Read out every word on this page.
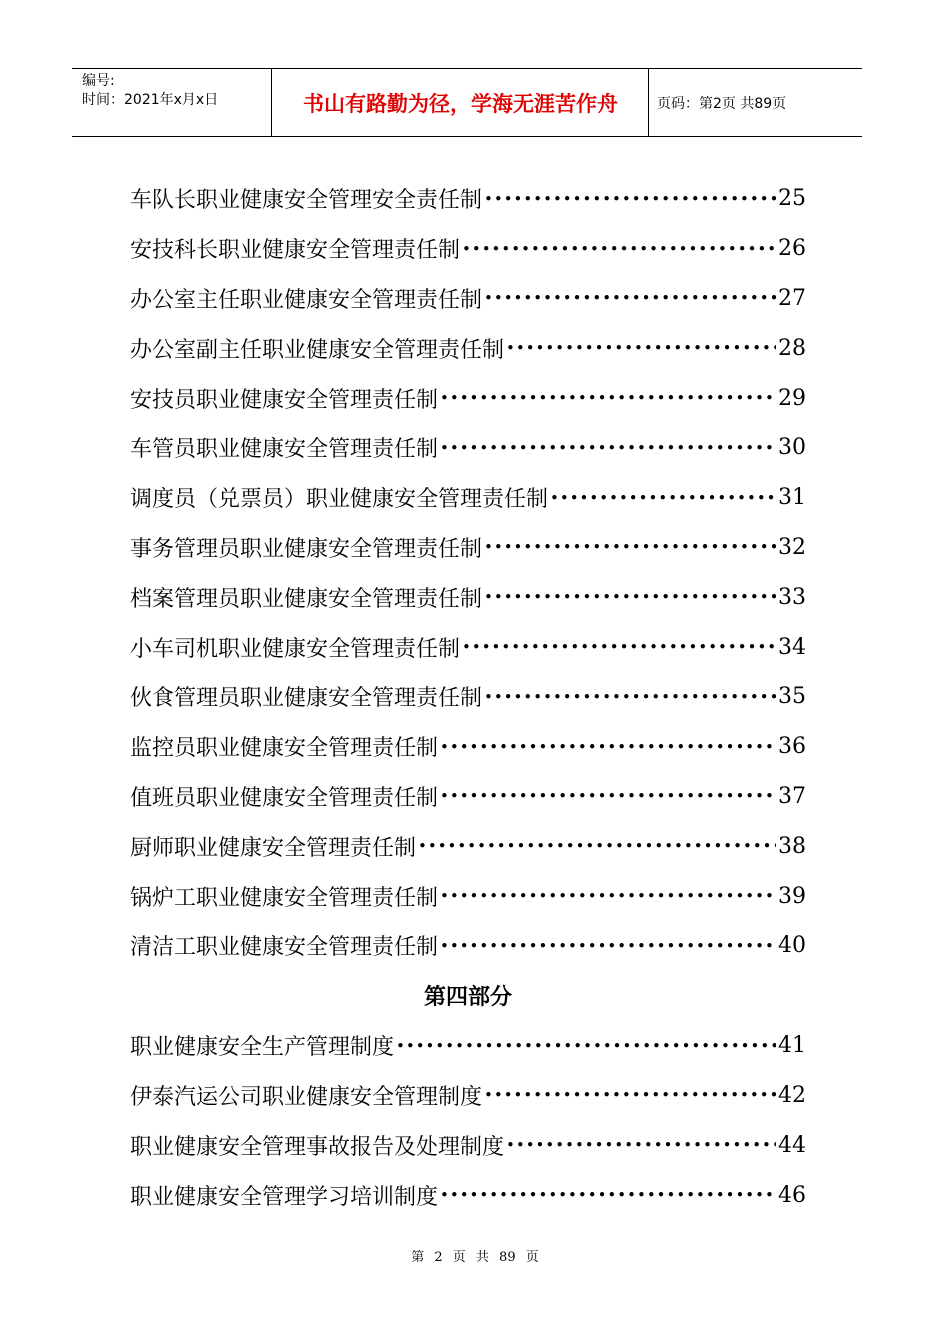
编号:
时间：2021年x月x日	书山有路勤为径，学海无涯苦作舟	页码：第2页 共89页
车队长职业健康安全管理安全责任制 •••••	25
安技科长职业健康安全管理责任制 •••••	26
办公室主任职业健康安全管理责任制 •••••	27
办公室副主任职业健康安全管理责任制 •••••	28
安技员职业健康安全管理责任制 •••••	29
车管员职业健康安全管理责任制 •••••	30
调度员（兑票员）职业健康安全管理责任制 •••••	31
事务管理员职业健康安全管理责任制 •••••	32
档案管理员职业健康安全管理责任制 •••••	33
小车司机职业健康安全管理责任制 •••••	34
伙食管理员职业健康安全管理责任制 •••••	35
监控员职业健康安全管理责任制 •••••	36
值班员职业健康安全管理责任制 •••••	37
厨师职业健康安全管理责任制 •••••	38
锅炉工职业健康安全管理责任制 •••••	39
清洁工职业健康安全管理责任制 •••••	40
第四部分
职业健康安全生产管理制度 •••••	41
伊泰汽运公司职业健康安全管理制度 •••••	42
职业健康安全管理事故报告及处理制度 •••••	44
职业健康安全管理学习培训制度 •••••	46
第 2 页 共 89 页
